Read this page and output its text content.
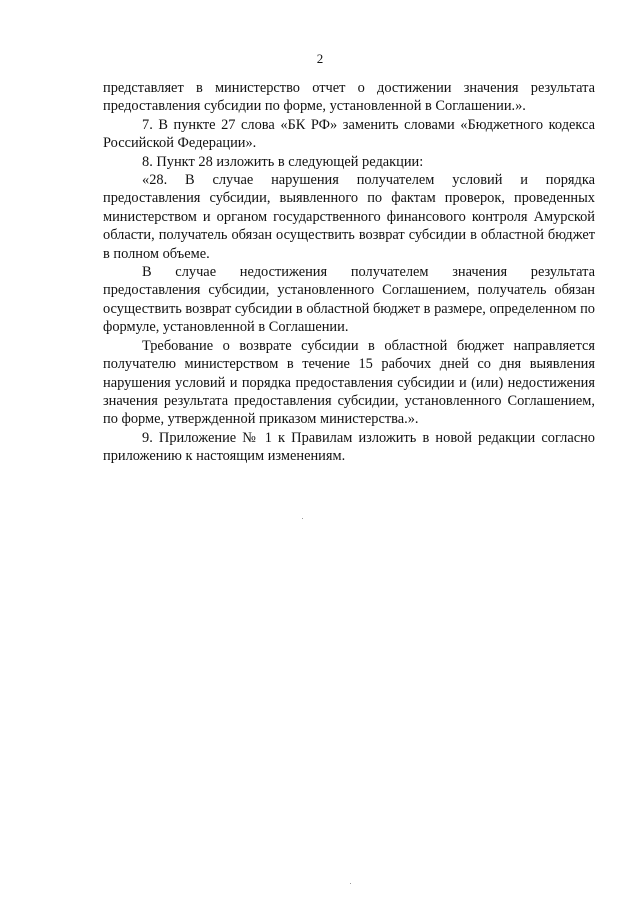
2

представляет в министерство отчет о достижении значения результата предоставления субсидии по форме, установленной в Соглашении.».

7. В пункте 27 слова «БК РФ» заменить словами «Бюджетного кодекса Российской Федерации».

8. Пункт 28 изложить в следующей редакции:

«28. В случае нарушения получателем условий и порядка предоставления субсидии, выявленного по фактам проверок, проведенных министерством и органом государственного финансового контроля Амурской области, получатель обязан осуществить возврат субсидии в областной бюджет в полном объеме.

В случае недостижения получателем значения результата предоставления субсидии, установленного Соглашением, получатель обязан осуществить возврат субсидии в областной бюджет в размере, определенном по формуле, установленной в Соглашении.

Требование о возврате субсидии в областной бюджет направляется получателю министерством в течение 15 рабочих дней со дня выявления нарушения условий и порядка предоставления субсидии и (или) недостижения значения результата предоставления субсидии, установленного Соглашением, по форме, утвержденной приказом министерства.».

9. Приложение № 1 к Правилам изложить в новой редакции согласно приложению к настоящим изменениям.
